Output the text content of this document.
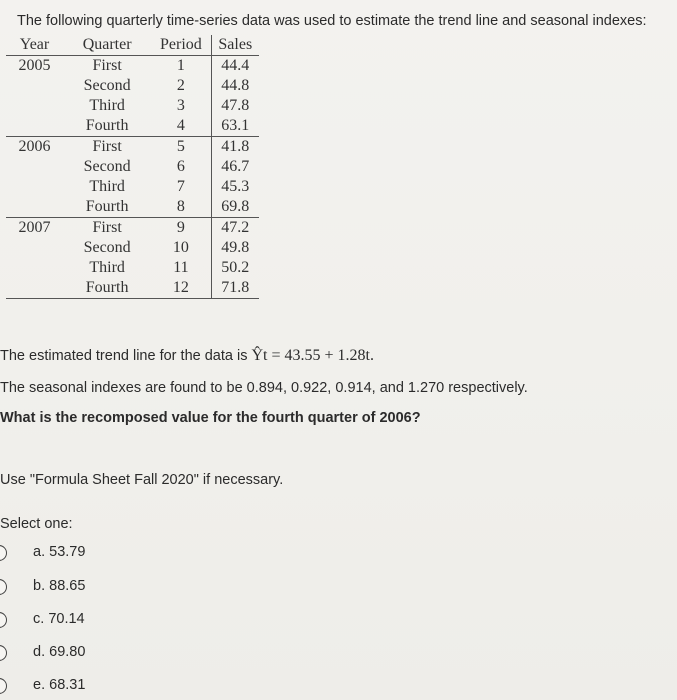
The following quarterly time-series data was used to estimate the trend line and seasonal indexes:
Year	Quarter	Period	Sales
2005	First	1	44.4
	Second	2	44.8
	Third	3	47.8
	Fourth	4	63.1
2006	First	5	41.8
	Second	6	46.7
	Third	7	45.3
	Fourth	8	69.8
2007	First	9	47.2
	Second	10	49.8
	Third	11	50.2
	Fourth	12	71.8
The estimated trend line for the data is Ŷt = 43.55 + 1.28t.
The seasonal indexes are found to be 0.894, 0.922, 0.914, and 1.270 respectively.
What is the recomposed value for the fourth quarter of 2006?
Use "Formula Sheet Fall 2020" if necessary.
Select one:
a. 53.79
b. 88.65
c. 70.14
d. 69.80
e. 68.31
